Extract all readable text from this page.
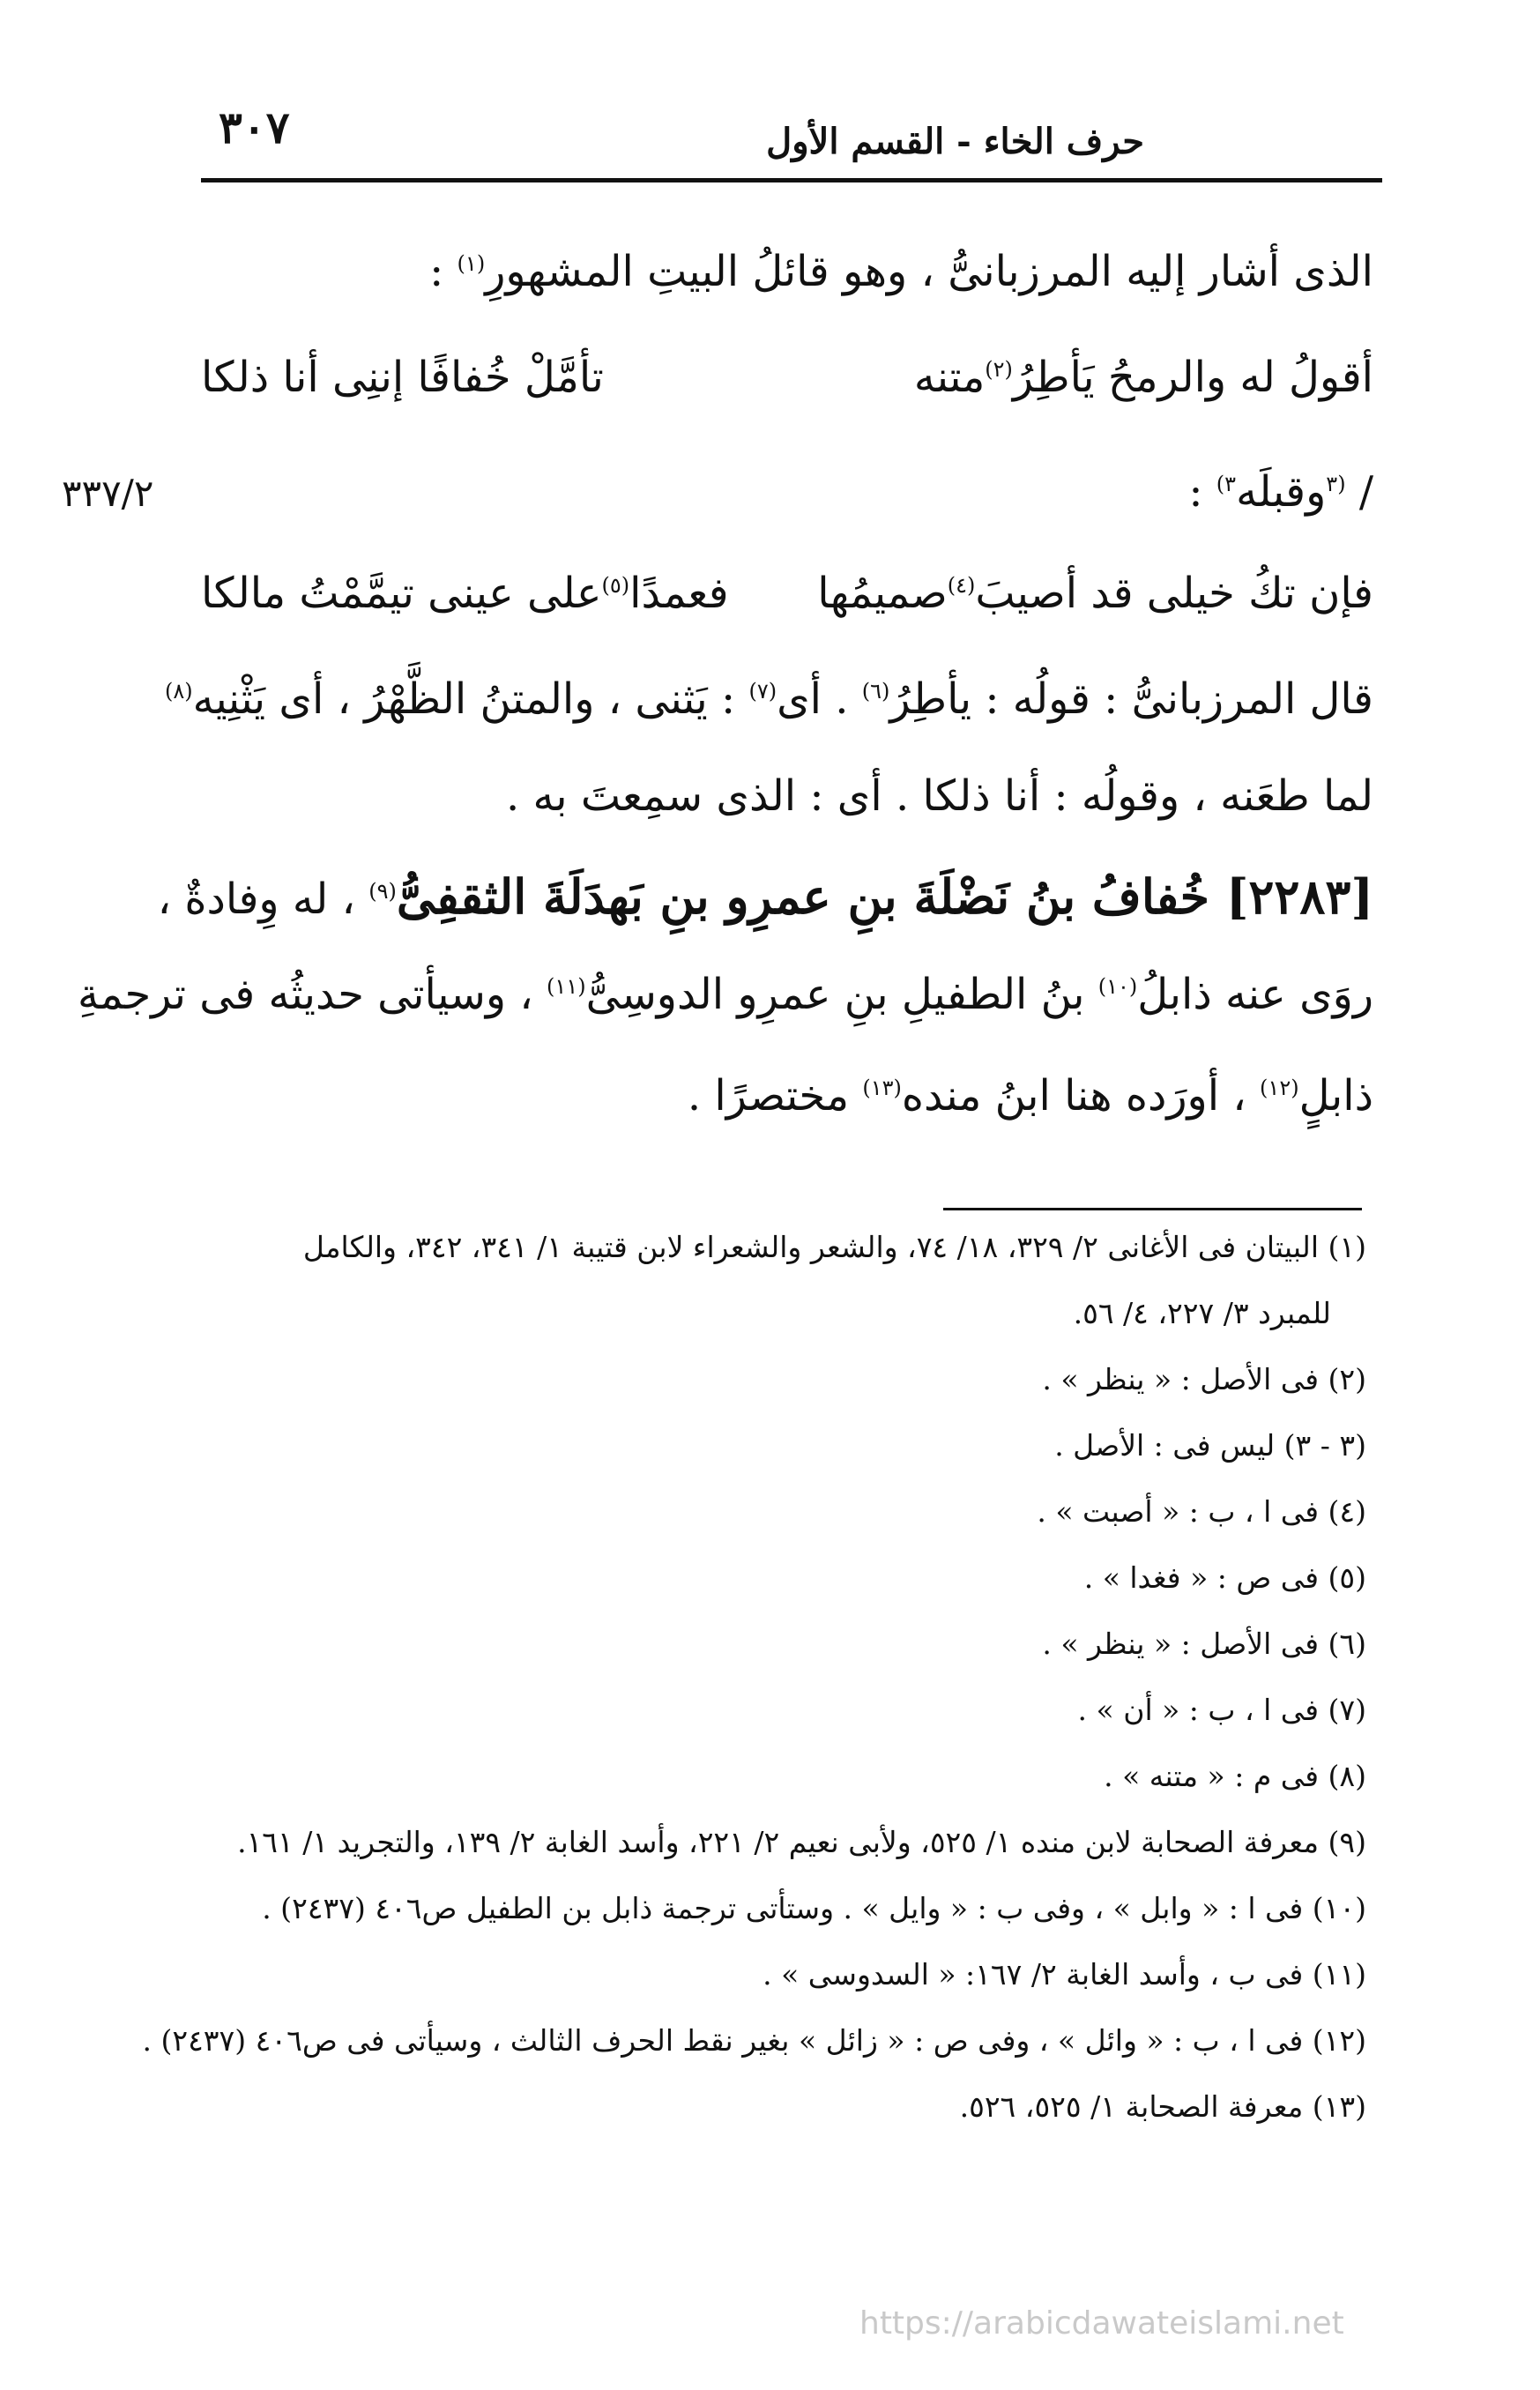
٣٠٧	حرف الخاء - القسم الأول
٣٣٧/٢
الذى أشار إليه المرزبانىُّ ، وهو قائلُ البيتِ المشهورِ$^{(١)}$ :
أقولُ له والرمحُ يَأطِرُ$^{(٢)}$متنه
تأمَّلْ خُفافًا إننِى أنا ذلكا
/ $^{(٣}$وقبلَه$^{٣)}$ :
فإن تكُ خيلى قد أصيبَ$^{(٤)}$صميمُها
فعمدًا$^{(٥)}$على عينى تيمَّمْتُ مالكا
قال المرزبانىُّ : قولُه : يأطِرُ$^{(٦)}$ . أى$^{(٧)}$ : يَثنى ، والمتنُ الظَّهْرُ ، أى يَثْنِيه$^{(٨)}$
لما طعَنه ، وقولُه : أنا ذلكا . أى : الذى سمِعتَ به .
[٢٢٨٣] خُفافُ بنُ نَضْلَةَ بنِ عمرِو بنِ بَهدَلَةَ الثقفِىُّ$^{(٩)}$ ، له وِفادةٌ ،
روَى عنه ذابلُ$^{(١٠)}$ بنُ الطفيلِ بنِ عمرِو الدوسِىُّ$^{(١١)}$ ، وسيأتى حديثُه فى ترجمةِ
ذابلٍ$^{(١٢)}$ ، أورَده هنا ابنُ منده$^{(١٣)}$ مختصرًا .
(١) البيتان فى الأغانى ٢/ ٣٢٩، ١٨/ ٧٤، والشعر والشعراء لابن قتيبة ١/ ٣٤١، ٣٤٢، والكامل
للمبرد ٣/ ٢٢٧، ٤/ ٥٦.
(٢) فى الأصل : « ينظر » .
(٣ - ٣) ليس فى : الأصل .
(٤) فى ا ، ب : « أصبت » .
(٥) فى ص : « فغدا » .
(٦) فى الأصل : « ينظر » .
(٧) فى ا ، ب : « أن » .
(٨) فى م : « متنه » .
(٩) معرفة الصحابة لابن منده ١/ ٥٢٥، ولأبى نعيم ٢/ ٢٢١، وأسد الغابة ٢/ ١٣٩، والتجريد ١/ ١٦١.
(١٠) فى ا : « وابل » ، وفى ب : « وايل » . وستأتى ترجمة ذابل بن الطفيل ص٤٠٦ (٢٤٣٧) .
(١١) فى ب ، وأسد الغابة ٢/ ١٦٧: « السدوسى » .
(١٢) فى ا ، ب : « وائل » ، وفى ص : « زائل » بغير نقط الحرف الثالث ، وسيأتى فى ص٤٠٦ (٢٤٣٧) .
(١٣) معرفة الصحابة ١/ ٥٢٥، ٥٢٦.
https://arabicdawateislami.net
